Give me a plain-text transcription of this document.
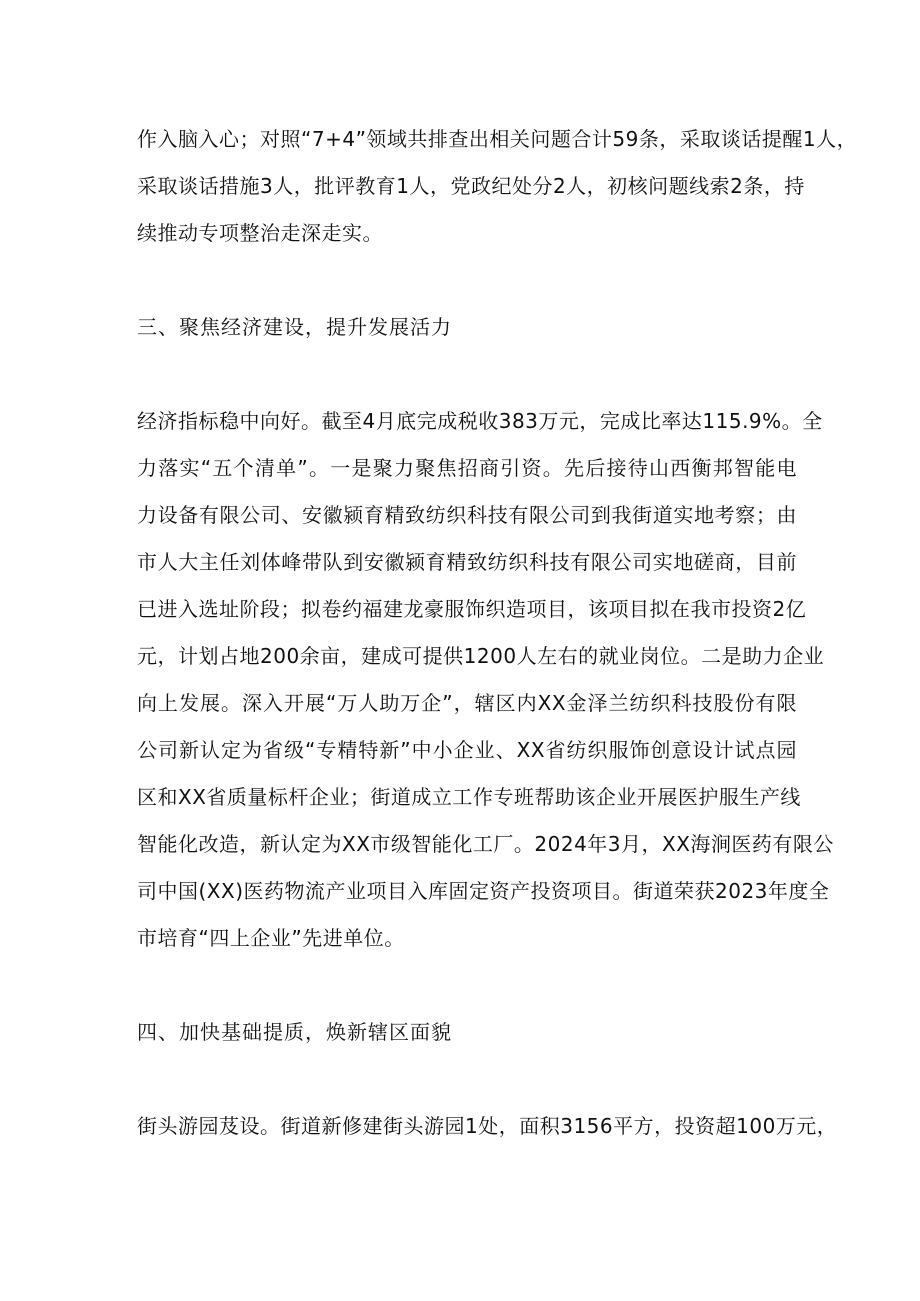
作入脑入心；对照“7+4”领域共排查出相关问题合计59条，采取谈话提醒1人，
采取谈话措施3人，批评教育1人，党政纪处分2人，初核问题线索2条，持
续推动专项整治走深走实。
三、聚焦经济建设，提升发展活力
经济指标稳中向好。截至4月底完成税收383万元，完成比率达115.9%。全
力落实“五个清单”。一是聚力聚焦招商引资。先后接待山西衡邦智能电
力设备有限公司、安徽颍育精致纺织科技有限公司到我街道实地考察；由
市人大主任刘体峰带队到安徽颍育精致纺织科技有限公司实地磋商，目前
已进入选址阶段；拟卷约福建龙豪服饰织造项目，该项目拟在我市投资2亿
元，计划占地200余亩，建成可提供1200人左右的就业岗位。二是助力企业
向上发展。深入开展“万人助万企”，辖区内XX金泽兰纺织科技股份有限
公司新认定为省级“专精特新”中小企业、XX省纺织服饰创意设计试点园
区和XX省质量标杆企业；街道成立工作专班帮助该企业开展医护服生产线
智能化改造，新认定为XX市级智能化工厂。2024年3月，XX海涧医药有限公
司中国(XX)医药物流产业项目入库固定资产投资项目。街道荣获2023年度全
市培育“四上企业”先进单位。
四、加快基础提质，焕新辖区面貌
街头游园芨设。街道新修建街头游园1处，面积3156平方，投资超100万元，
